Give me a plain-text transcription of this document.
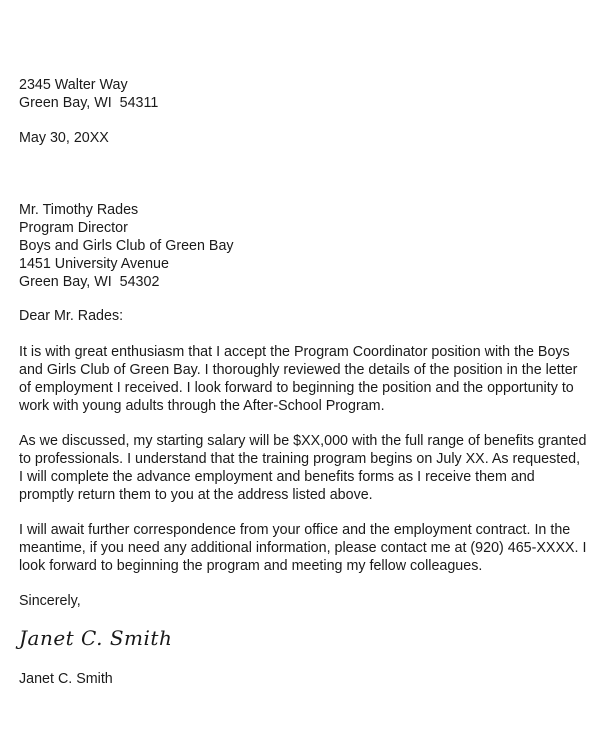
2345 Walter Way
Green Bay, WI  54311
May 30, 20XX
Mr. Timothy Rades
Program Director
Boys and Girls Club of Green Bay
1451 University Avenue
Green Bay, WI  54302
Dear Mr. Rades:
It is with great enthusiasm that I accept the Program Coordinator position with the Boys
and Girls Club of Green Bay. I thoroughly reviewed the details of the position in the letter
of employment I received. I look forward to beginning the position and the opportunity to
work with young adults through the After-School Program.
As we discussed, my starting salary will be $XX,000 with the full range of benefits granted
to professionals. I understand that the training program begins on July XX. As requested,
I will complete the advance employment and benefits forms as I receive them and
promptly return them to you at the address listed above.
I will await further correspondence from your office and the employment contract. In the
meantime, if you need any additional information, please contact me at (920) 465-XXXX. I
look forward to beginning the program and meeting my fellow colleagues.
Sincerely,
Janet C. Smith
Janet C. Smith
